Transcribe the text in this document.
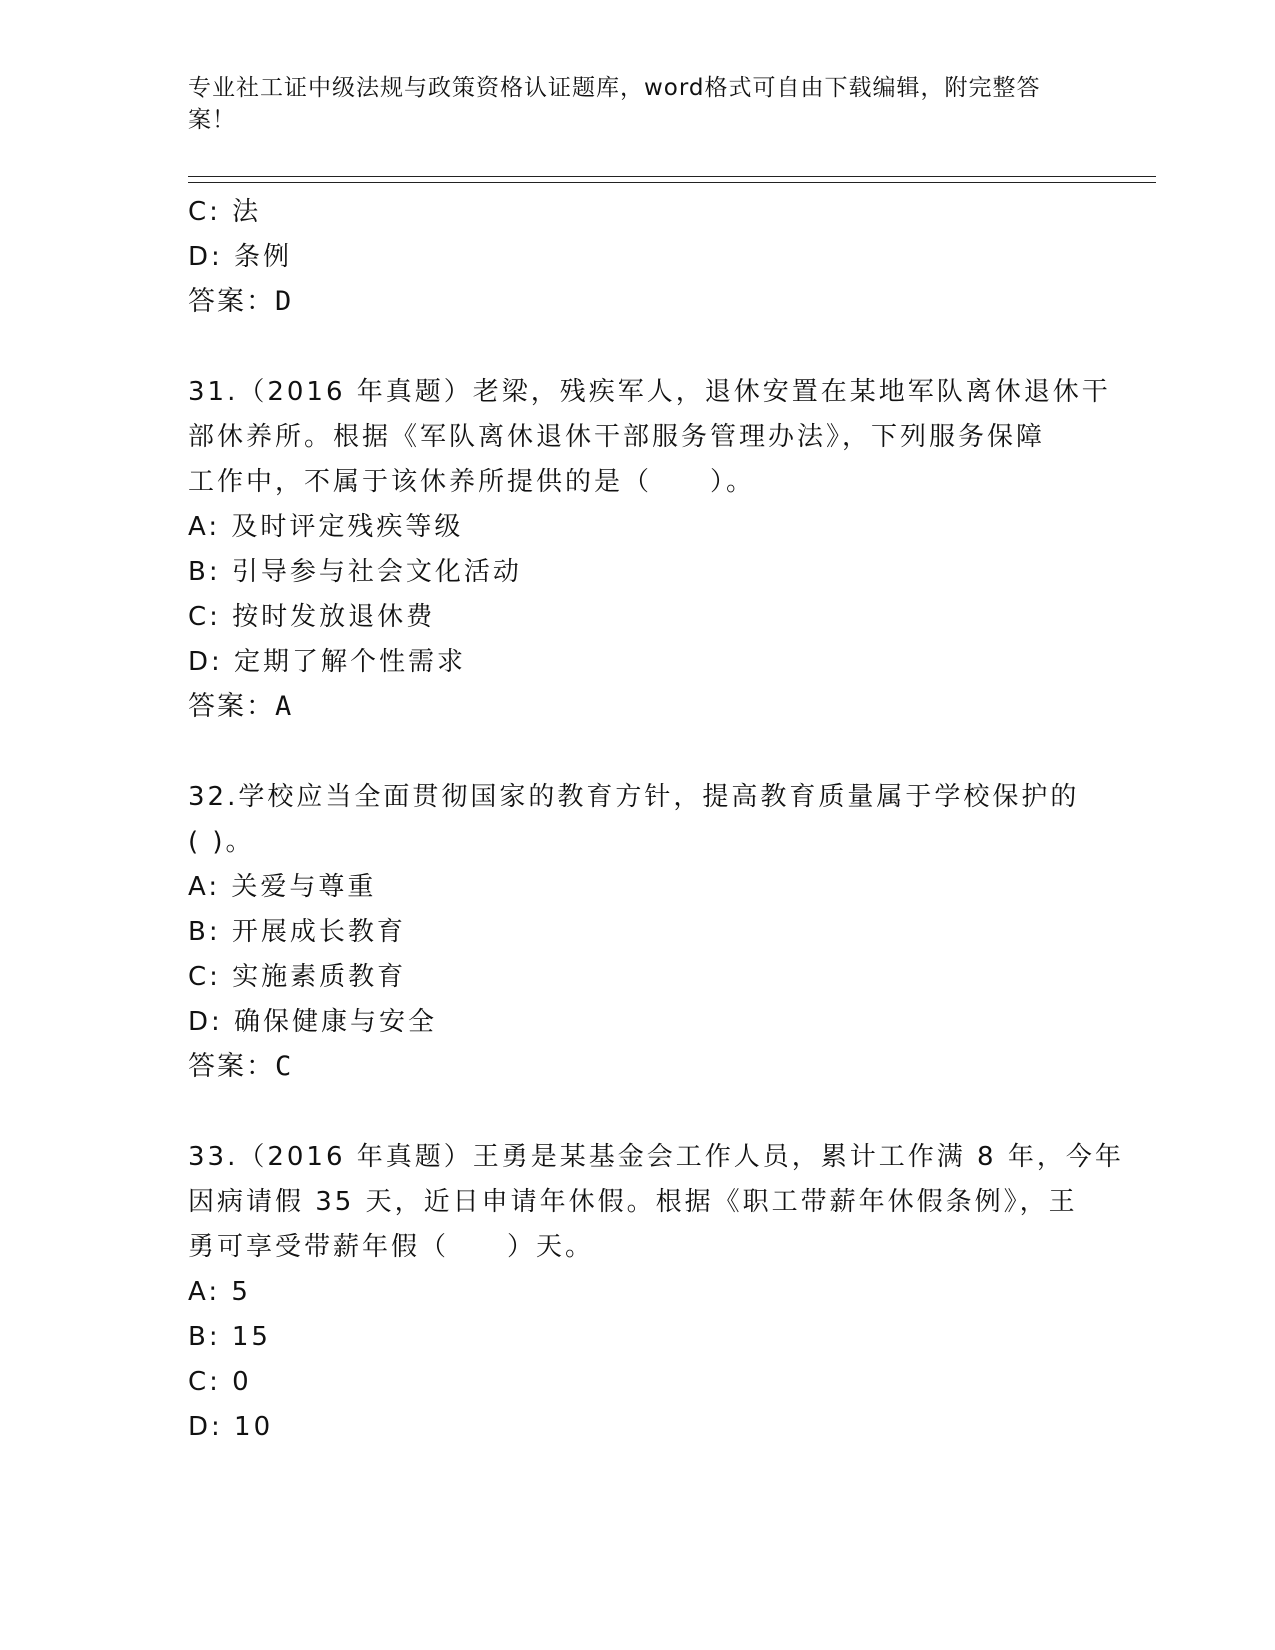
专业社工证中级法规与政策资格认证题库，word格式可自由下载编辑，附完整答
案！
C: 法
D: 条例
答案：D
31.（2016 年真题）老梁，残疾军人，退休安置在某地军队离休退休干
部休养所。根据《军队离休退休干部服务管理办法》，下列服务保障
工作中，不属于该休养所提供的是（　　）。
A: 及时评定残疾等级
B: 引导参与社会文化活动
C: 按时发放退休费
D: 定期了解个性需求
答案：A
32.学校应当全面贯彻国家的教育方针，提高教育质量属于学校保护的
( )。
A: 关爱与尊重
B: 开展成长教育
C: 实施素质教育
D: 确保健康与安全
答案：C
33.（2016 年真题）王勇是某基金会工作人员，累计工作满 8 年，今年
因病请假 35 天，近日申请年休假。根据《职工带薪年休假条例》，王
勇可享受带薪年假（　　）天。
A: 5
B: 15
C: 0
D: 10
